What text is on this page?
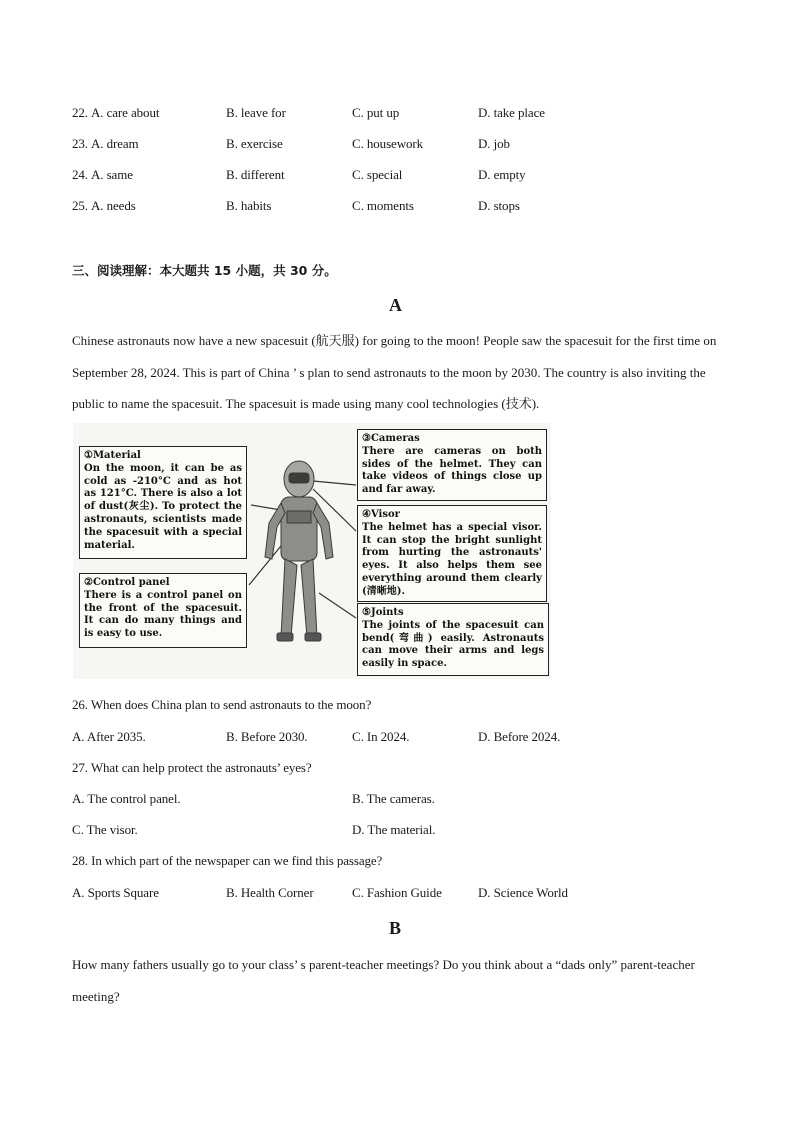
22. A. care about	B. leave for	C. put up	D. take place
23. A. dream	B. exercise	C. housework	D. job
24. A. same	B. different	C. special	D. empty
25. A. needs	B. habits	C. moments	D. stops
三、阅读理解：本大题共 15 小题，共 30 分。
A
Chinese astronauts now have a new spacesuit (航天服) for going to the moon! People saw the spacesuit for the first time on September 28, 2024. This is part of China ’ s plan to send astronauts to the moon by 2030. The country is also inviting the public to name the spacesuit. The spacesuit is made using many cool technologies (技术).
①Material
On the moon, it can be as cold as -210°C and as hot as 121°C. There is also a lot of dust(灰尘). To protect the astronauts, scientists made the spacesuit with a special material.
②Control panel
There is a control panel on the front of the spacesuit. It can do many things and is easy to use.
③Cameras
There are cameras on both sides of the helmet. They can take videos of things close up and far away.
④Visor
The helmet has a special visor. It can stop the bright sunlight from hurting the astronauts' eyes. It also helps them see everything around them clearly (清晰地).
⑤Joints
The joints of the spacesuit can bend(弯曲) easily. Astronauts can move their arms and legs easily in space.
26. When does China plan to send astronauts to the moon?
A. After 2035.	B. Before 2030.	C. In 2024.	D. Before 2024.
27. What can help protect the astronauts’ eyes?
A. The control panel.	B. The cameras.
C. The visor.	D. The material.
28. In which part of the newspaper can we find this passage?
A. Sports Square	B. Health Corner	C. Fashion Guide	D. Science World
B
How many fathers usually go to your class’ s parent-teacher meetings? Do you think about a “dads only” parent-teacher meeting?
